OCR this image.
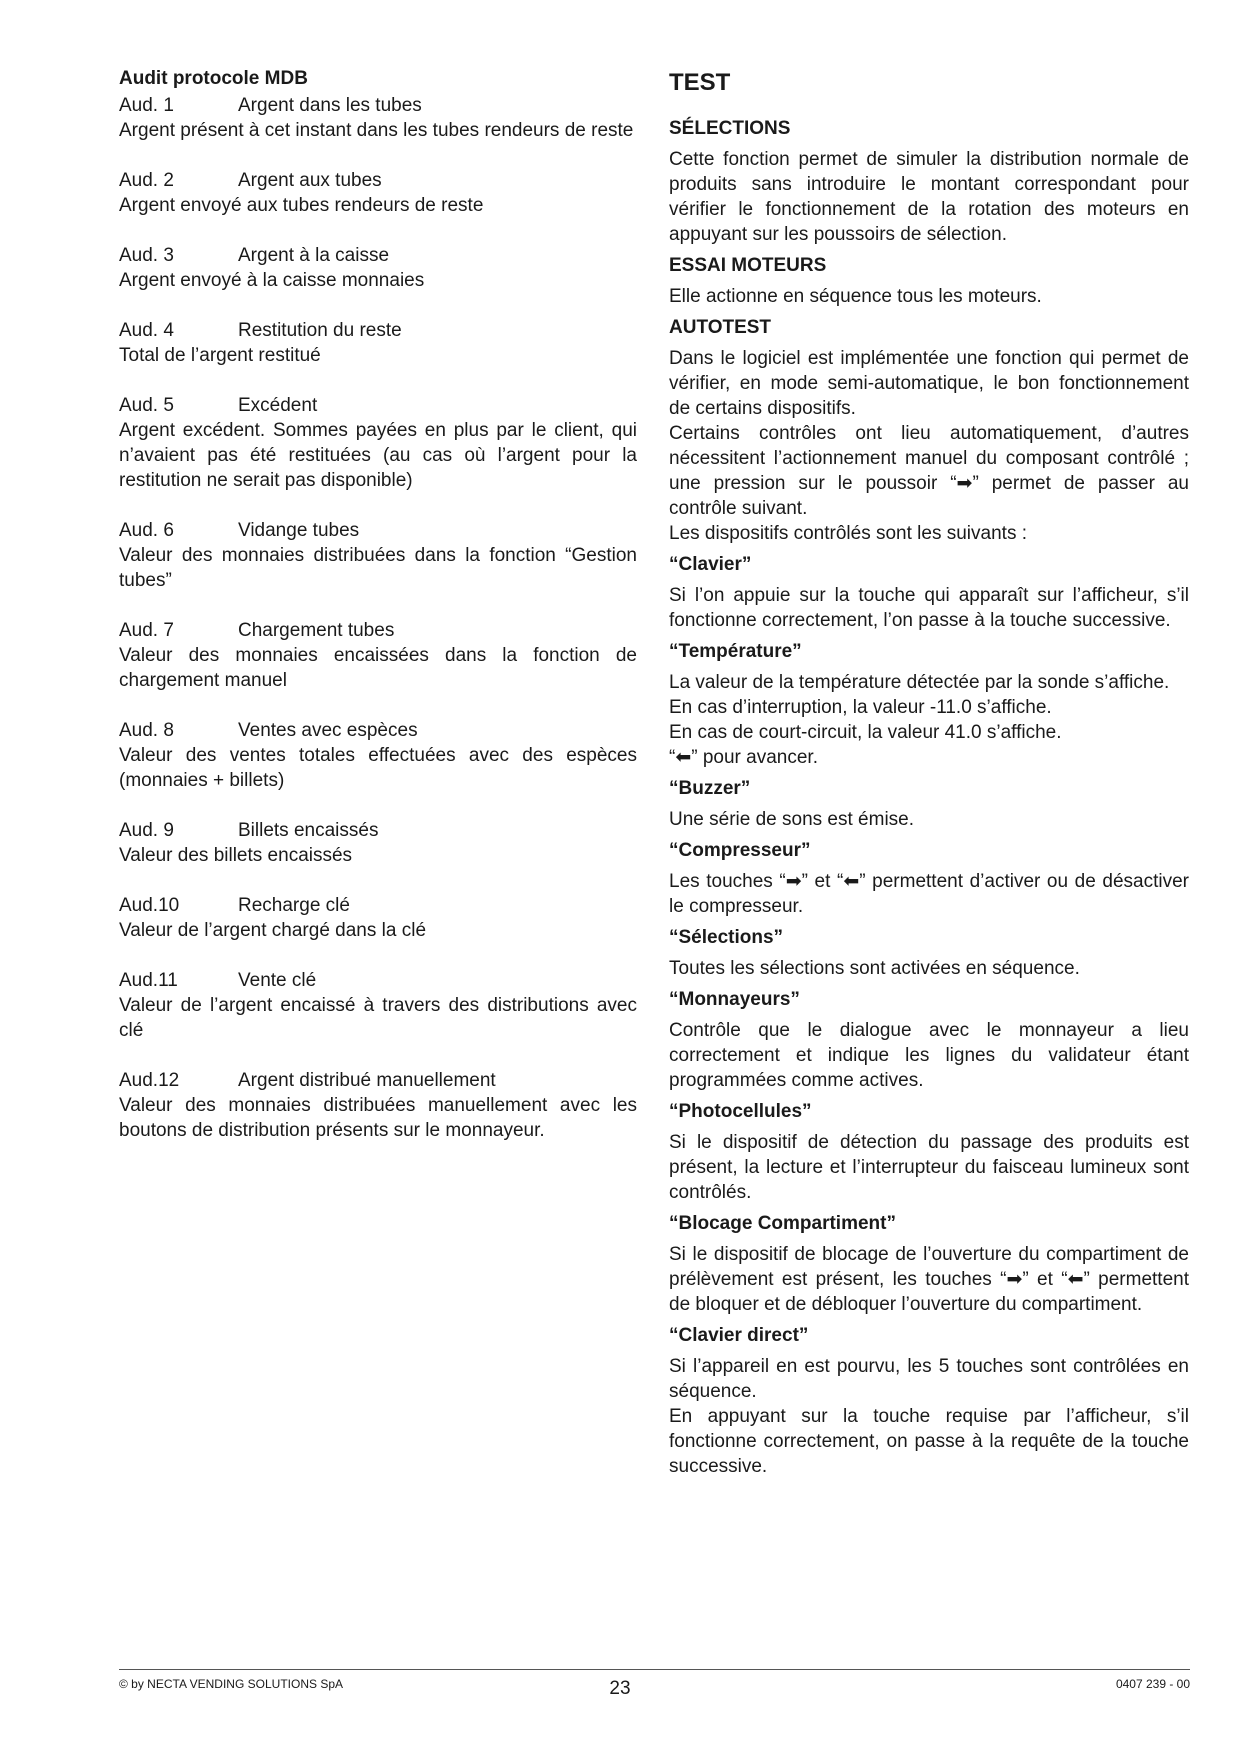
Audit protocole MDB
Aud. 1	Argent dans les tubes
Argent présent à cet instant dans les tubes rendeurs de reste
Aud. 2	Argent aux tubes
Argent envoyé aux tubes rendeurs de reste
Aud. 3	Argent à la caisse
Argent envoyé à la caisse monnaies
Aud. 4	Restitution du reste
Total de l’argent restitué
Aud. 5	Excédent
Argent excédent. Sommes payées en plus par le client, qui n’avaient pas été restituées (au cas où l’argent pour la restitution ne serait pas disponible)
Aud. 6	Vidange tubes
Valeur des monnaies distribuées dans la fonction “Gestion tubes”
Aud. 7	Chargement tubes
Valeur des monnaies encaissées dans la fonction de chargement manuel
Aud. 8	Ventes avec espèces
Valeur des ventes totales effectuées avec des espèces (monnaies + billets)
Aud. 9	Billets encaissés
Valeur des billets encaissés
Aud.10	Recharge clé
Valeur de l’argent chargé dans la clé
Aud.11	Vente clé
Valeur de l’argent encaissé à travers des distributions avec clé
Aud.12	Argent distribué manuellement
Valeur des monnaies distribuées manuellement avec les boutons de distribution présents sur le monnayeur.
TEST
SÉLECTIONS
Cette fonction permet de simuler la distribution normale de produits sans introduire le montant correspondant pour vérifier le fonctionnement de la rotation des moteurs en appuyant sur les poussoirs de sélection.
ESSAI MOTEURS
Elle actionne en séquence tous les moteurs.
AUTOTEST
Dans le logiciel est implémentée une fonction qui permet de vérifier, en mode semi-automatique, le bon fonctionnement de certains dispositifs.
Certains contrôles ont lieu automatiquement, d’autres nécessitent l’actionnement manuel du composant contrôlé ; une pression sur le poussoir “➡” permet de passer au contrôle suivant.
Les dispositifs contrôlés sont les suivants :
“Clavier”
Si l’on appuie sur la touche qui apparaît sur l’afficheur, s’il fonctionne correctement, l’on passe à la touche successive.
“Température”
La valeur de la température détectée par la sonde s’affiche.
En cas d’interruption, la valeur -11.0 s’affiche.
En cas de court-circuit, la valeur 41.0 s’affiche.
“⬅” pour avancer.
“Buzzer”
Une série de sons est émise.
“Compresseur”
Les touches “➡” et “⬅” permettent d’activer ou de désactiver le compresseur.
“Sélections”
Toutes les sélections sont activées en séquence.
“Monnayeurs”
Contrôle que le dialogue avec le monnayeur a lieu correctement et indique les lignes du validateur étant programmées comme actives.
“Photocellules”
Si le dispositif de détection du passage des produits est présent, la lecture et l’interrupteur du faisceau lumineux sont contrôlés.
“Blocage Compartiment”
Si le dispositif de blocage de l’ouverture du compartiment de prélèvement est présent, les touches “➡” et “⬅” permettent de bloquer et de débloquer l’ouverture du compartiment.
“Clavier direct”
Si l’appareil en est pourvu, les 5 touches sont contrôlées en séquence.
En appuyant sur la touche requise par l’afficheur, s’il fonctionne correctement, on passe à la requête de la touche successive.
© by NECTA VENDING SOLUTIONS SpA	23	0407 239 - 00
